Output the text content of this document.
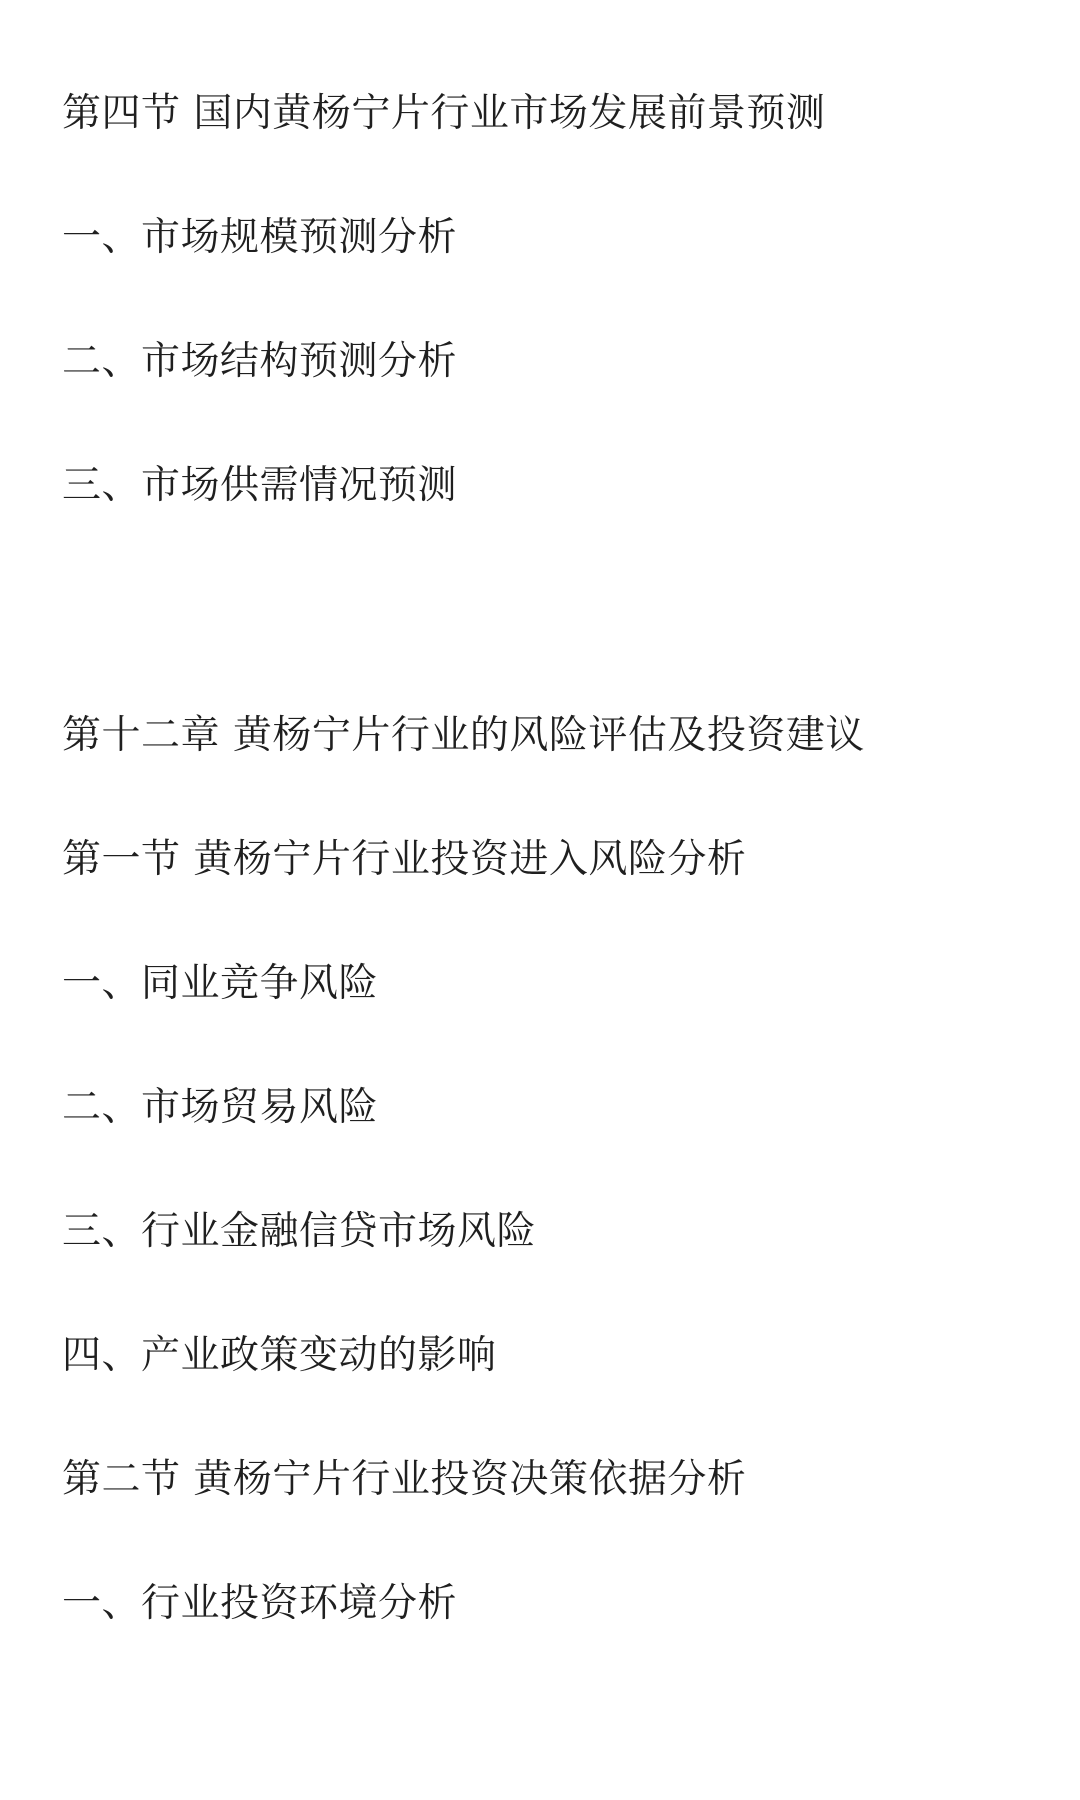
第四节 国内黄杨宁片行业市场发展前景预测
一、市场规模预测分析
二、市场结构预测分析
三、市场供需情况预测
第十二章 黄杨宁片行业的风险评估及投资建议
第一节 黄杨宁片行业投资进入风险分析
一、同业竞争风险
二、市场贸易风险
三、行业金融信贷市场风险
四、产业政策变动的影响
第二节 黄杨宁片行业投资决策依据分析
一、行业投资环境分析
